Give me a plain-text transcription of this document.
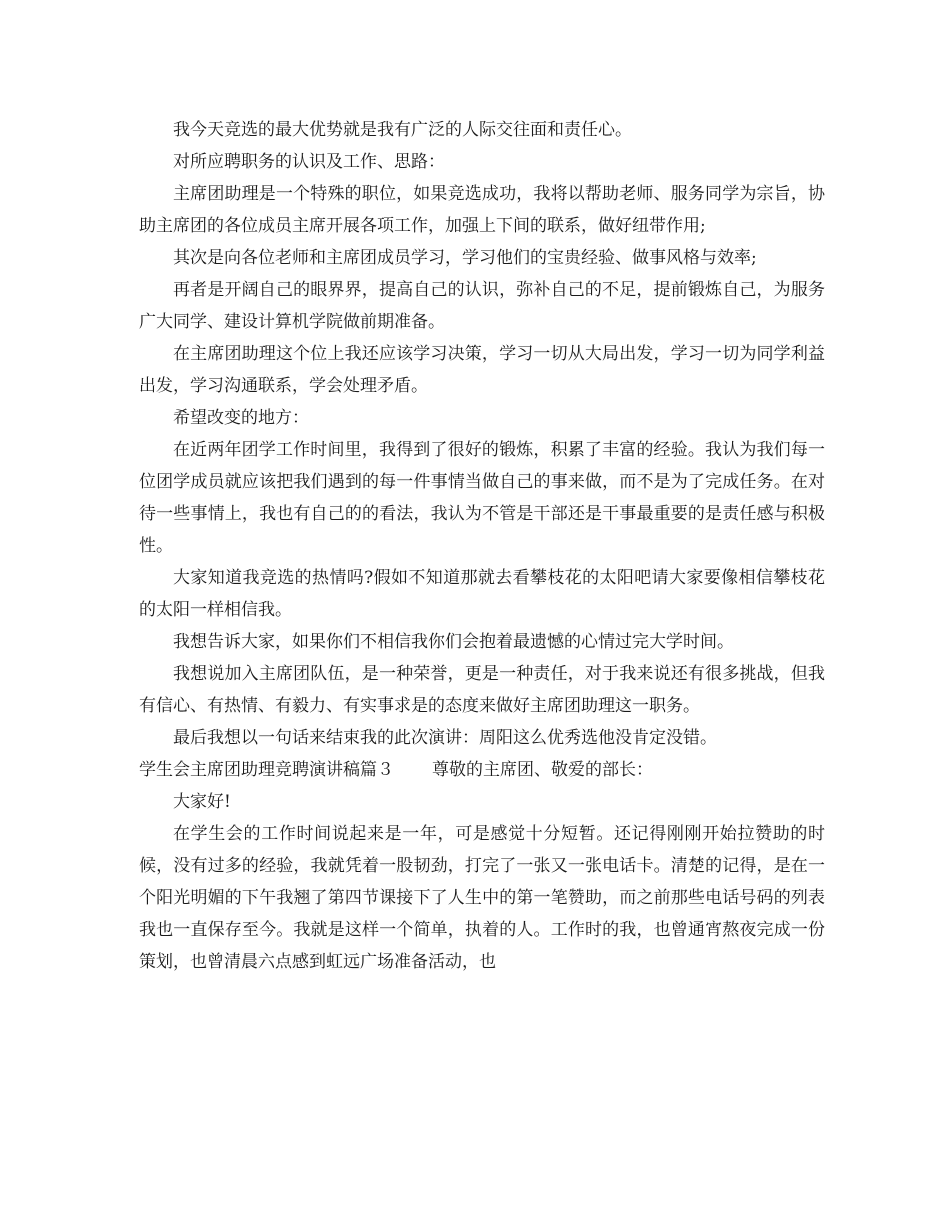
我今天竞选的最大优势就是我有广泛的人际交往面和责任心。

对所应聘职务的认识及工作、思路：

主席团助理是一个特殊的职位，如果竞选成功，我将以帮助老师、服务同学为宗旨，协助主席团的各位成员主席开展各项工作，加强上下间的联系，做好纽带作用;

其次是向各位老师和主席团成员学习，学习他们的宝贵经验、做事风格与效率;

再者是开阔自己的眼界界，提高自己的认识，弥补自己的不足，提前锻炼自己，为服务广大同学、建设计算机学院做前期准备。

在主席团助理这个位上我还应该学习决策，学习一切从大局出发，学习一切为同学利益出发，学习沟通联系，学会处理矛盾。

希望改变的地方：

在近两年团学工作时间里，我得到了很好的锻炼，积累了丰富的经验。我认为我们每一位团学成员就应该把我们遇到的每一件事情当做自己的事来做，而不是为了完成任务。在对待一些事情上，我也有自己的的看法，我认为不管是干部还是干事最重要的是责任感与积极性。

大家知道我竞选的热情吗?假如不知道那就去看攀枝花的太阳吧请大家要像相信攀枝花的太阳一样相信我。

我想告诉大家，如果你们不相信我你们会抱着最遗憾的心情过完大学时间。

我想说加入主席团队伍，是一种荣誉，更是一种责任，对于我来说还有很多挑战，但我有信心、有热情、有毅力、有实事求是的态度来做好主席团助理这一职务。

最后我想以一句话来结束我的此次演讲：周阳这么优秀选他没肯定没错。

学生会主席团助理竞聘演讲稿篇３ 尊敬的主席团、敬爱的部长：

大家好!

在学生会的工作时间说起来是一年，可是感觉十分短暂。还记得刚刚开始拉赞助的时候，没有过多的经验，我就凭着一股韧劲，打完了一张又一张电话卡。清楚的记得，是在一个阳光明媚的下午我翘了第四节课接下了人生中的第一笔赞助，而之前那些电话号码的列表我也一直保存至今。我就是这样一个简单，执着的人。工作时的我，也曾通宵熬夜完成一份策划，也曾清晨六点感到虹远广场准备活动，也
